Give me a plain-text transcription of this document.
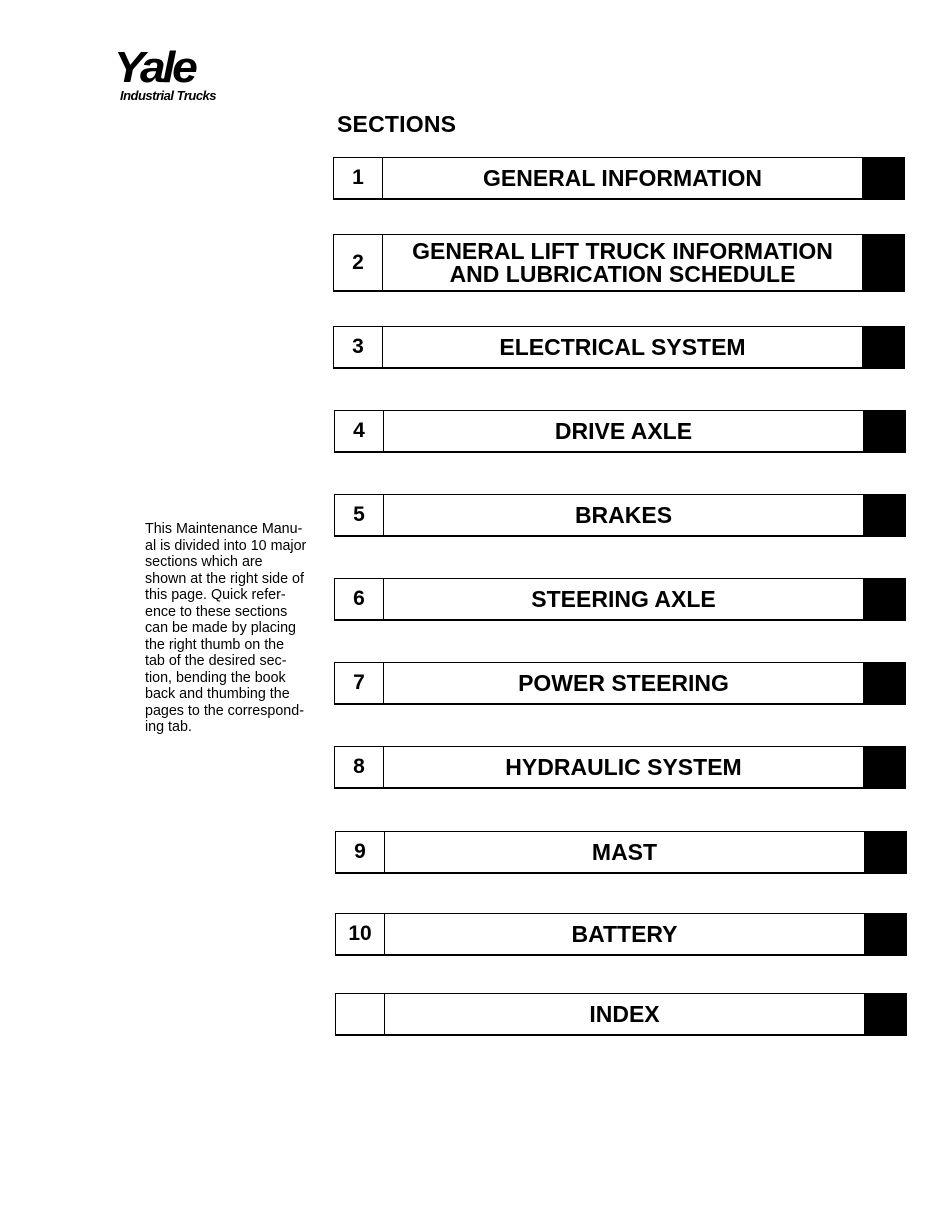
Yale
Industrial Trucks
SECTIONS
This Maintenance Manu-
al is divided into 10 major
sections which are
shown at the right side of
this page. Quick refer-
ence to these sections
can be made by placing
the right thumb on the
tab of the desired sec-
tion, bending the book
back and thumbing the
pages to the correspond-
ing tab.
1	GENERAL INFORMATION
2	GENERAL LIFT TRUCK INFORMATION
AND LUBRICATION SCHEDULE
3	ELECTRICAL SYSTEM
4	DRIVE AXLE
5	BRAKES
6	STEERING AXLE
7	POWER STEERING
8	HYDRAULIC SYSTEM
9	MAST
10	BATTERY
INDEX
